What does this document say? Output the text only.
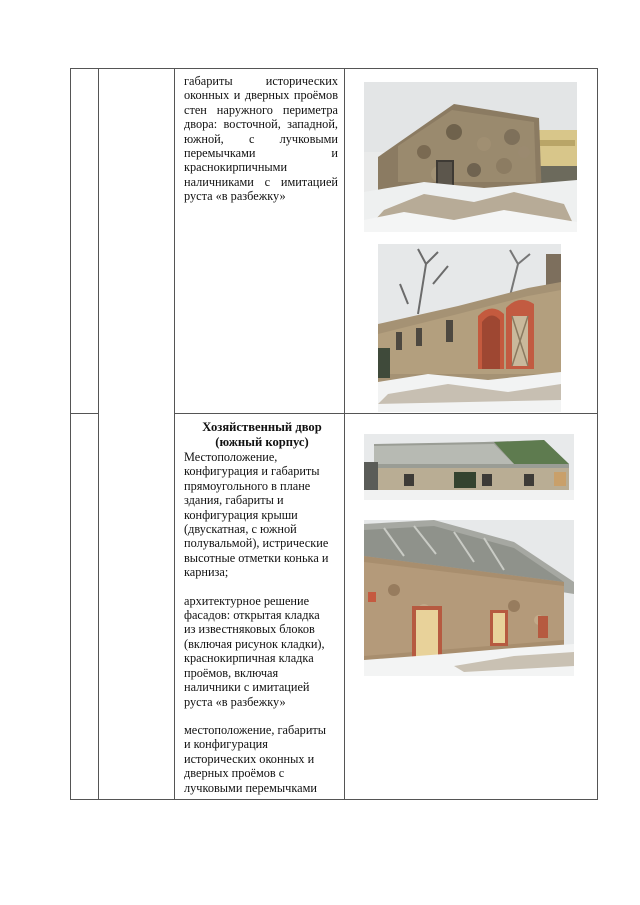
габариты исторических оконных и дверных проёмов стен наружного периметра двора: восточной, западной, южной, с лучковыми перемычками и краснокирпичными наличниками с имитацией руста «в разбежку»
Хозяйственный двор
(южный корпус)
Местоположение,
конфигурация и габариты
прямоугольного в плане
здания, габариты и
конфигурация крыши
(двускатная, с южной
полувальмой), истрические
высотные отметки конька и
карниза;
архитектурное решение
фасадов: открытая кладка
из известняковых блоков
(включая рисунок кладки),
краснокирпичная кладка
проёмов, включая
наличники с имитацией
руста «в разбежку»
местоположение, габариты
и конфигурация
исторических оконных и
дверных проёмов с
лучковыми перемычками
